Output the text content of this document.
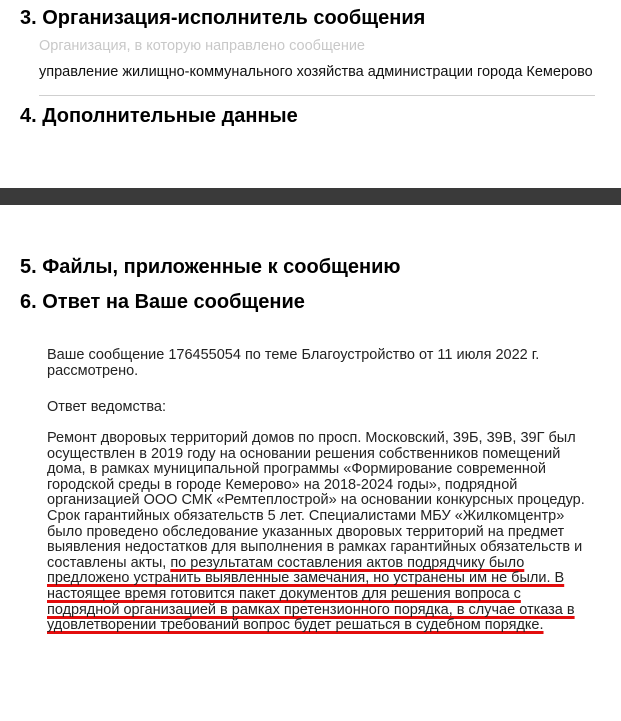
3. Организация-исполнитель сообщения
Организация, в которую направлено сообщение
управление жилищно-коммунального хозяйства администрации города Кемерово
4. Дополнительные данные
5. Файлы, приложенные к сообщению
6. Ответ на Ваше сообщение

Ваше сообщение 176455054 по теме Благоустройство от 11 июля 2022 г. рассмотрено.

Ответ ведомства:

Ремонт дворовых территорий домов по просп. Московский, 39Б, 39В, 39Г был осуществлен в 2019 году на основании решения собственников помещений дома, в рамках муниципальной программы «Формирование современной городской среды в городе Кемерово» на 2018-2024 годы», подрядной организацией ООО СМК «Ремтеплострой» на основании конкурсных процедур. Срок гарантийных обязательств 5 лет. Специалистами МБУ «Жилкомцентр» было проведено обследование указанных дворовых территорий на предмет выявления недостатков для выполнения в рамках гарантийных обязательств и составлены акты, по результатам составления актов подрядчику было предложено устранить выявленные замечания, но устранены им не были. В настоящее время готовится пакет документов для решения вопроса с подрядной организацией в рамках претензионного порядка, в случае отказа в удовлетворении требований вопрос будет решаться в судебном порядке.
